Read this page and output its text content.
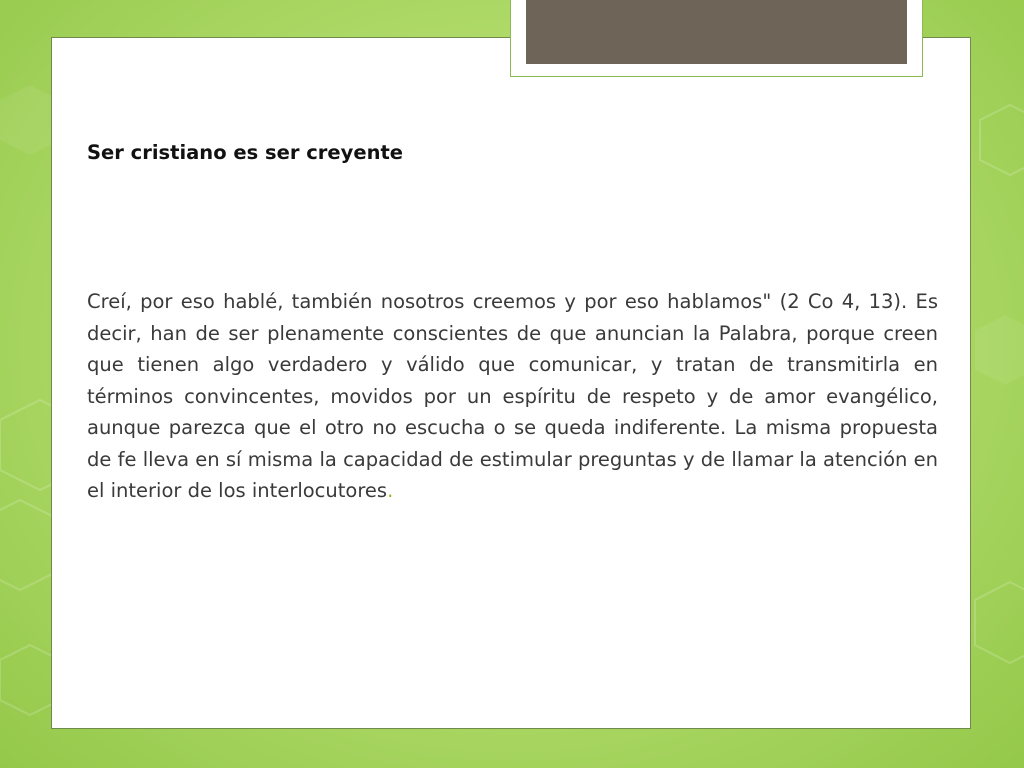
Ser cristiano es ser creyente

Creí, por eso hablé, también nosotros creemos y por eso hablamos" (2 Co 4, 13). Es decir, han de ser plenamente conscientes de que anuncian la Palabra, porque creen que tienen algo verdadero y válido que comunicar, y tratan de transmitirla en términos convincentes, movidos por un espíritu de respeto y de amor evangélico, aunque parezca que el otro no escucha o se queda indiferente. La misma propuesta de fe lleva en sí misma la capacidad de estimular preguntas y de llamar la atención en el interior de los interlocutores.
